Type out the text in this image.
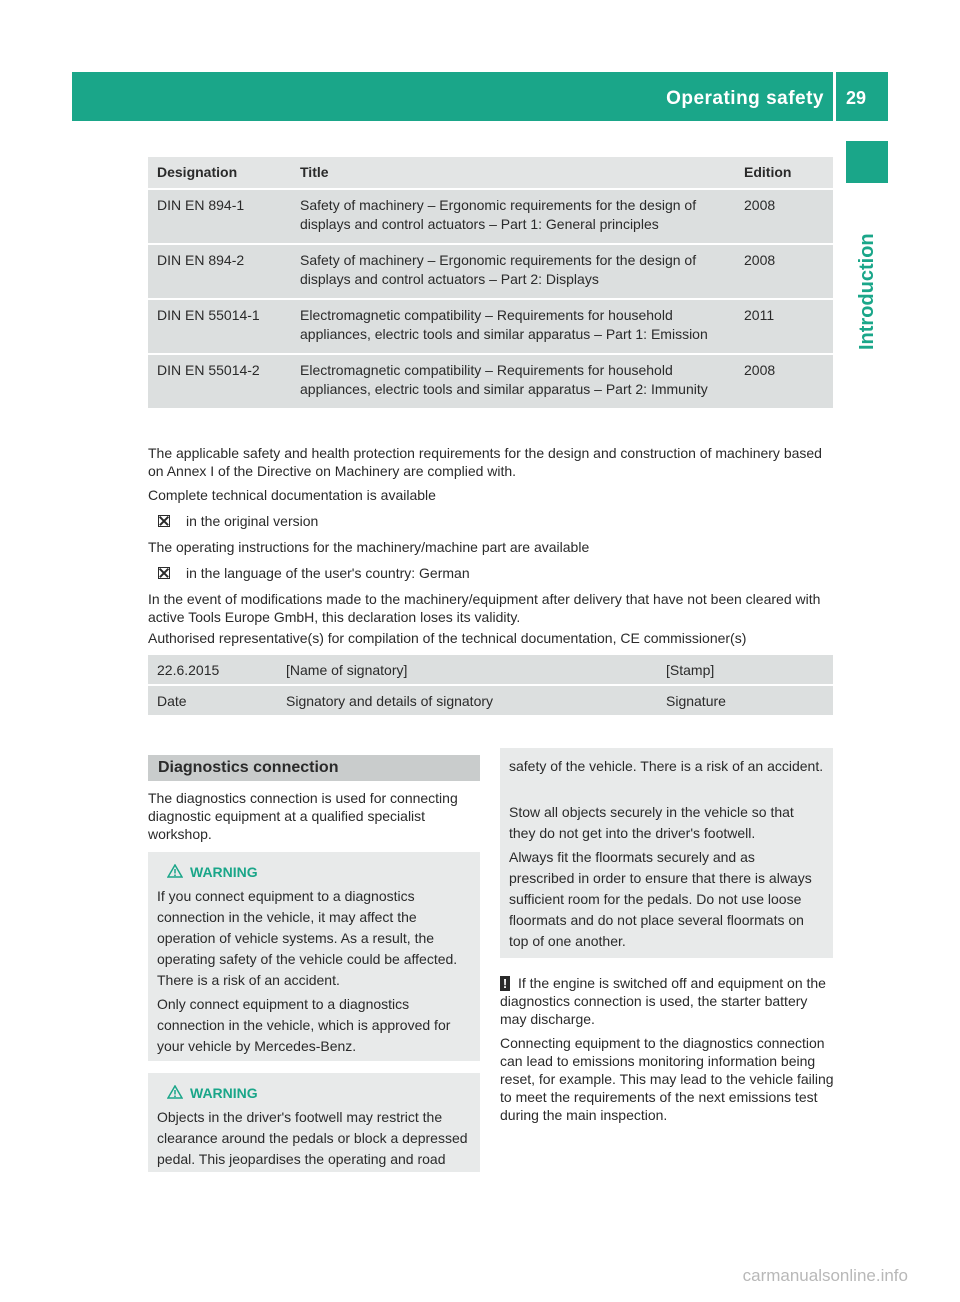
Operating safety 29
Introduction
Designation	Title	Edition
DIN EN 894-1	Safety of machinery – Ergonomic requirements for the design of displays and control actuators – Part 1: General principles	2008
DIN EN 894-2	Safety of machinery – Ergonomic requirements for the design of displays and control actuators – Part 2: Displays	2008
DIN EN 55014-1	Electromagnetic compatibility – Requirements for household appliances, electric tools and similar apparatus – Part 1: Emission	2011
DIN EN 55014-2	Electromagnetic compatibility – Requirements for household appliances, electric tools and similar apparatus – Part 2: Immunity	2008
The applicable safety and health protection requirements for the design and construction of machinery based on Annex I of the Directive on Machinery are complied with.
Complete technical documentation is available
in the original version
The operating instructions for the machinery/machine part are available
in the language of the user's country: German
In the event of modifications made to the machinery/equipment after delivery that have not been cleared with active Tools Europe GmbH, this declaration loses its validity.
Authorised representative(s) for compilation of the technical documentation, CE commissioner(s)
22.6.2015	[Name of signatory]	[Stamp]
Date	Signatory and details of signatory	Signature
Diagnostics connection
The diagnostics connection is used for connecting diagnostic equipment at a qualified specialist workshop.
WARNING

If you connect equipment to a diagnostics connection in the vehicle, it may affect the operation of vehicle systems. As a result, the operating safety of the vehicle could be affected. There is a risk of an accident.

Only connect equipment to a diagnostics connection in the vehicle, which is approved for your vehicle by Mercedes-Benz.

WARNING

Objects in the driver's footwell may restrict the clearance around the pedals or block a depressed pedal. This jeopardises the operating and road

safety of the vehicle. There is a risk of an accident.

Stow all objects securely in the vehicle so that they do not get into the driver's footwell.

Always fit the floormats securely and as prescribed in order to ensure that there is always sufficient room for the pedals. Do not use loose floormats and do not place several floormats on top of one another.

! If the engine is switched off and equipment on the diagnostics connection is used, the starter battery may discharge.
Connecting equipment to the diagnostics connection can lead to emissions monitoring information being reset, for example. This may lead to the vehicle failing to meet the requirements of the next emissions test during the main inspection.
carmanualsonline.info
